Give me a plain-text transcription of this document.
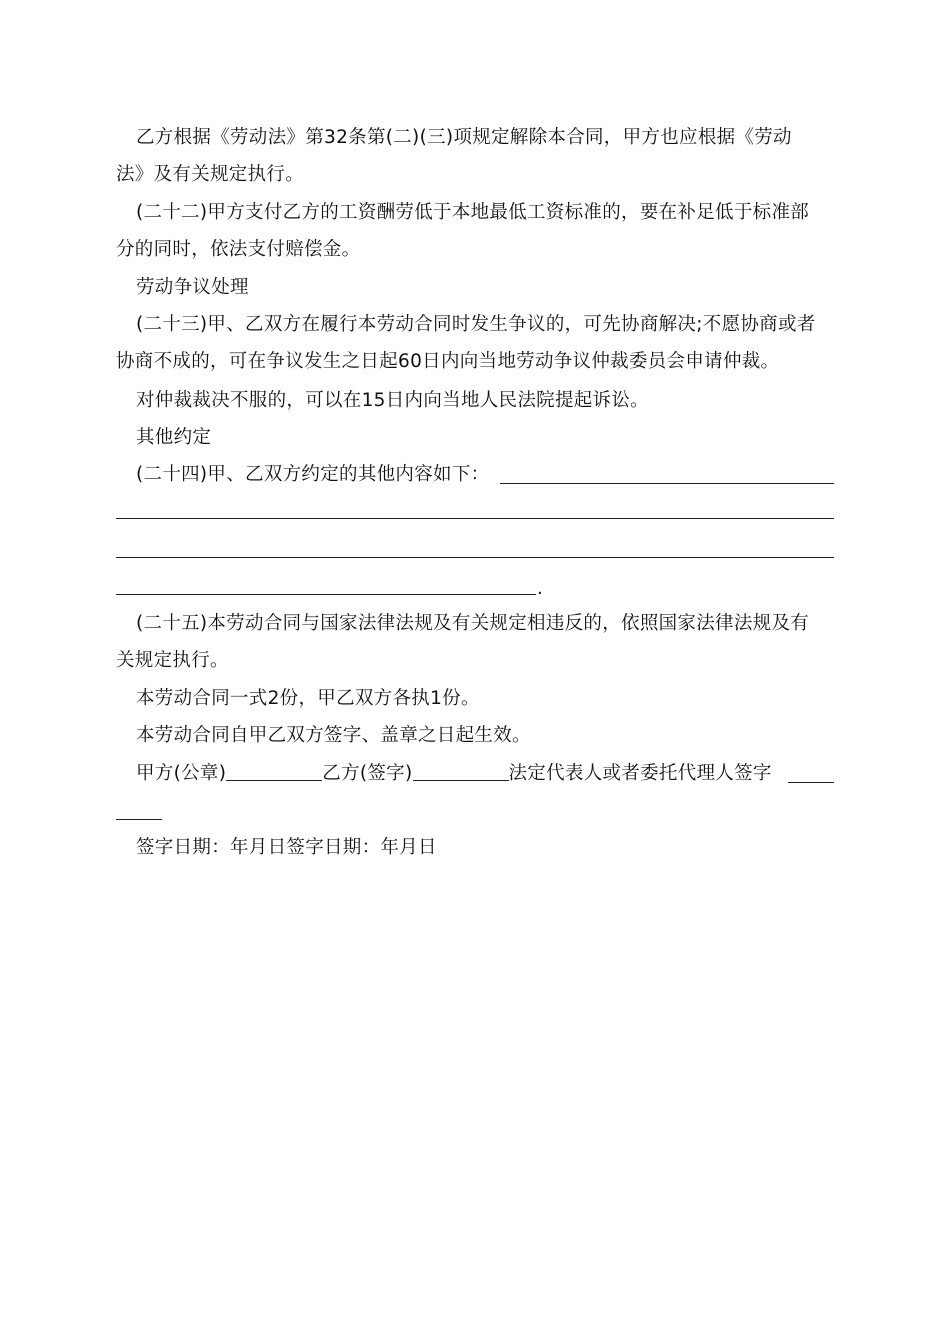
乙方根据《劳动法》第32条第(二)(三)项规定解除本合同，甲方也应根据《劳动
法》及有关规定执行。
(二十二)甲方支付乙方的工资酬劳低于本地最低工资标准的，要在补足低于标准部
分的同时，依法支付赔偿金。
劳动争议处理
(二十三)甲、乙双方在履行本劳动合同时发生争议的，可先协商解决;不愿协商或者
协商不成的，可在争议发生之日起60日内向当地劳动争议仲裁委员会申请仲裁。
对仲裁裁决不服的，可以在15日内向当地人民法院提起诉讼。
其他约定
(二十四)甲、乙双方约定的其他内容如下：
.
(二十五)本劳动合同与国家法律法规及有关规定相违反的，依照国家法律法规及有
关规定执行。
本劳动合同一式2份，甲乙双方各执1份。
本劳动合同自甲乙双方签字、盖章之日起生效。
甲方(公章)	乙方(签字)	法定代表人或者委托代理人签字
签字日期：年月日签字日期：年月日
